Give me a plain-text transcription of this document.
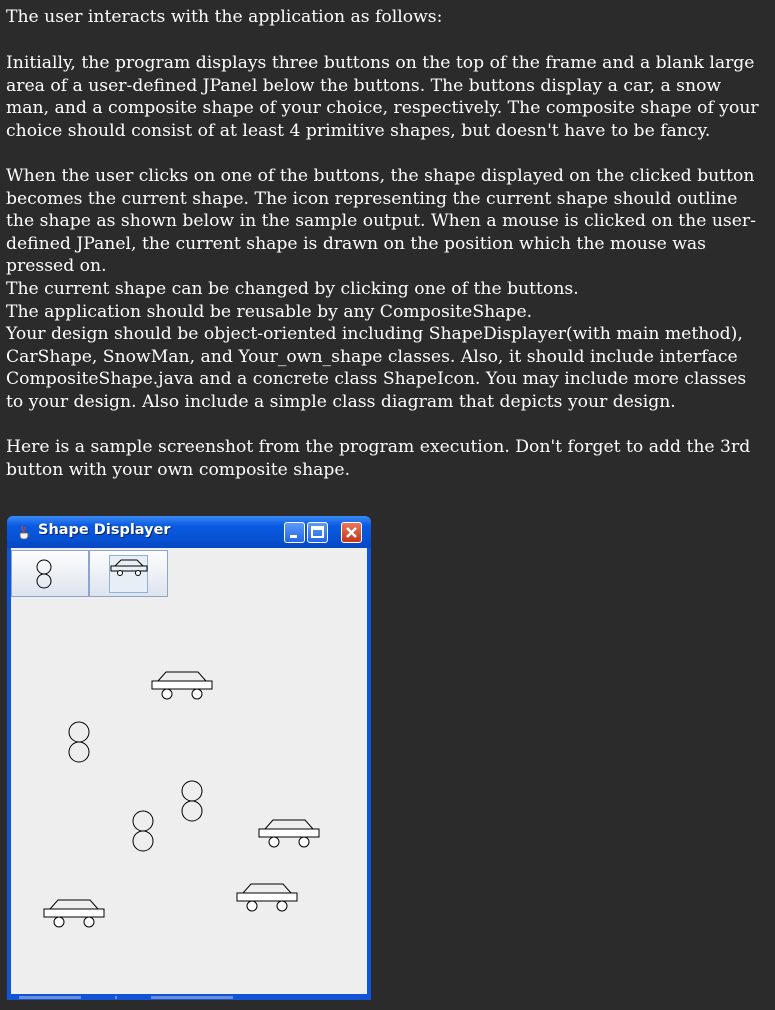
The user interacts with the application as follows:

Initially, the program displays three buttons on the top of the frame and a blank large area of a user-defined JPanel below the buttons. The buttons display a car, a snow man, and a composite shape of your choice, respectively. The composite shape of your choice should consist of at least 4 primitive shapes, but doesn't have to be fancy.

When the user clicks on one of the buttons, the shape displayed on the clicked button becomes the current shape. The icon representing the current shape should outline the shape as shown below in the sample output. When a mouse is clicked on the user-defined JPanel, the current shape is drawn on the position which the mouse was pressed on.

The current shape can be changed by clicking one of the buttons.

The application should be reusable by any CompositeShape.

Your design should be object-oriented including ShapeDisplayer(with main method), CarShape, SnowMan, and Your_own_shape classes. Also, it should include interface CompositeShape.java and a concrete class ShapeIcon. You may include more classes to your design. Also include a simple class diagram that depicts your design.

Here is a sample screenshot from the program execution. Don't forget to add the 3rd button with your own composite shape.

Shape Displayer
